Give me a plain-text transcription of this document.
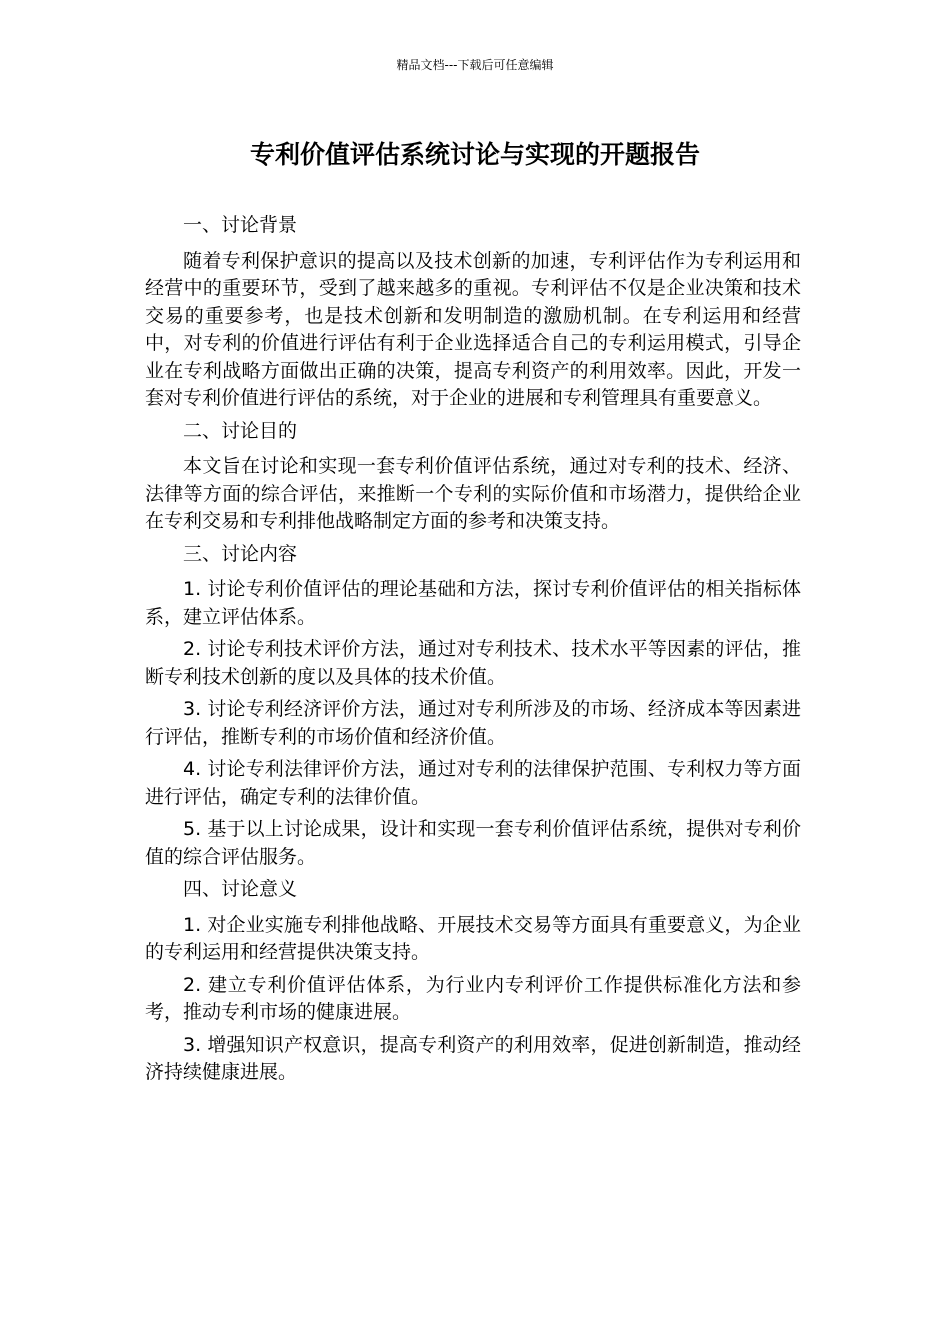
精品文档---下载后可任意编辑
专利价值评估系统讨论与实现的开题报告

一、讨论背景

随着专利保护意识的提高以及技术创新的加速，专利评估作为专利运用和经营中的重要环节，受到了越来越多的重视。专利评估不仅是企业决策和技术交易的重要参考，也是技术创新和发明制造的激励机制。在专利运用和经营中，对专利的价值进行评估有利于企业选择适合自己的专利运用模式，引导企业在专利战略方面做出正确的决策，提高专利资产的利用效率。因此，开发一套对专利价值进行评估的系统，对于企业的进展和专利管理具有重要意义。

二、讨论目的

本文旨在讨论和实现一套专利价值评估系统，通过对专利的技术、经济、法律等方面的综合评估，来推断一个专利的实际价值和市场潜力，提供给企业在专利交易和专利排他战略制定方面的参考和决策支持。

三、讨论内容

1. 讨论专利价值评估的理论基础和方法，探讨专利价值评估的相关指标体系，建立评估体系。

2. 讨论专利技术评价方法，通过对专利技术、技术水平等因素的评估，推断专利技术创新的度以及具体的技术价值。

3. 讨论专利经济评价方法，通过对专利所涉及的市场、经济成本等因素进行评估，推断专利的市场价值和经济价值。

4. 讨论专利法律评价方法，通过对专利的法律保护范围、专利权力等方面进行评估，确定专利的法律价值。

5. 基于以上讨论成果，设计和实现一套专利价值评估系统，提供对专利价值的综合评估服务。

四、讨论意义

1. 对企业实施专利排他战略、开展技术交易等方面具有重要意义，为企业的专利运用和经营提供决策支持。

2. 建立专利价值评估体系，为行业内专利评价工作提供标准化方法和参考，推动专利市场的健康进展。

3. 增强知识产权意识，提高专利资产的利用效率，促进创新制造，推动经济持续健康进展。
